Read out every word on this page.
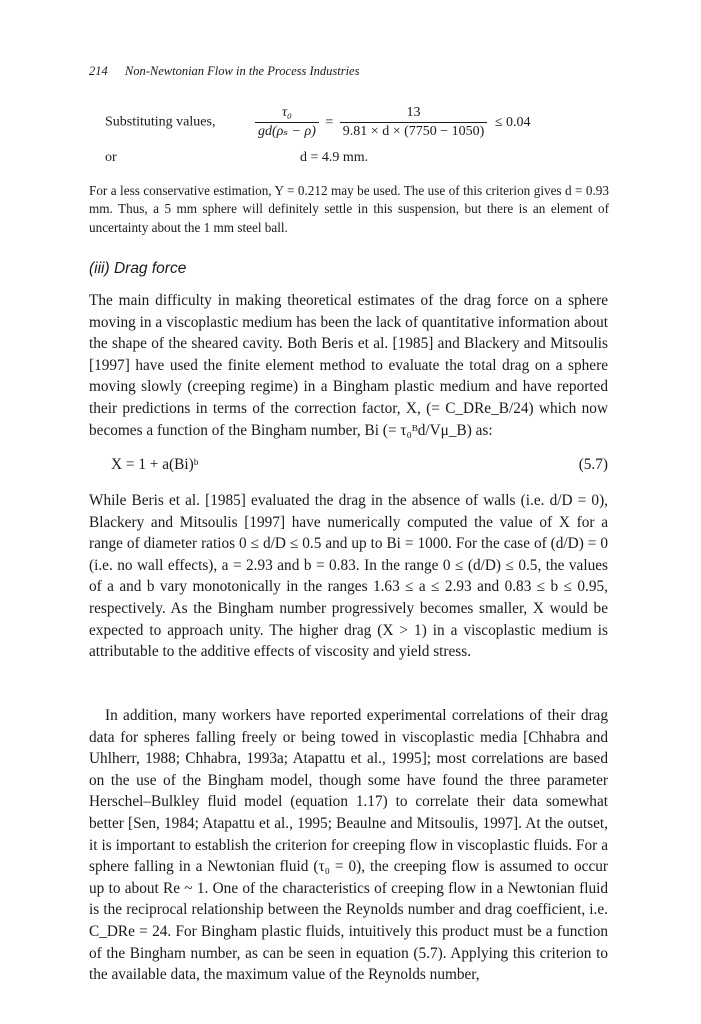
214 Non-Newtonian Flow in the Process Industries
Substituting values,	$\frac{\text{τ₀}}{\text{gd(ρₛ − ρ)}} = \frac{13}{9.81 \times d \times (7750 - 1050)} \le 0.04$
or	d = 4.9 mm.
For a less conservative estimation, Y = 0.212 may be used. The use of this criterion gives d = 0.93 mm. Thus, a 5 mm sphere will definitely settle in this suspension, but there is an element of uncertainty about the 1 mm steel ball.
(iii) Drag force
The main difficulty in making theoretical estimates of the drag force on a sphere moving in a viscoplastic medium has been the lack of quantitative information about the shape of the sheared cavity. Both Beris et al. [1985] and Blackery and Mitsoulis [1997] have used the finite element method to evaluate the total drag on a sphere moving slowly (creeping regime) in a Bingham plastic medium and have reported their predictions in terms of the correction factor, X, (= C_DRe_B/24) which now becomes a function of the Bingham number, Bi (= τ₀ᴮd/Vμ_B) as:
X = 1 + a(Bi)ᵇ	(5.7)
While Beris et al. [1985] evaluated the drag in the absence of walls (i.e. d/D = 0), Blackery and Mitsoulis [1997] have numerically computed the value of X for a range of diameter ratios 0 ≤ d/D ≤ 0.5 and up to Bi = 1000. For the case of (d/D) = 0 (i.e. no wall effects), a = 2.93 and b = 0.83. In the range 0 ≤ (d/D) ≤ 0.5, the values of a and b vary monotonically in the ranges 1.63 ≤ a ≤ 2.93 and 0.83 ≤ b ≤ 0.95, respectively. As the Bingham number progressively becomes smaller, X would be expected to approach unity. The higher drag (X > 1) in a viscoplastic medium is attributable to the additive effects of viscosity and yield stress.
In addition, many workers have reported experimental correlations of their drag data for spheres falling freely or being towed in viscoplastic media [Chhabra and Uhlherr, 1988; Chhabra, 1993a; Atapattu et al., 1995]; most correlations are based on the use of the Bingham model, though some have found the three parameter Herschel–Bulkley fluid model (equation 1.17) to correlate their data somewhat better [Sen, 1984; Atapattu et al., 1995; Beaulne and Mitsoulis, 1997]. At the outset, it is important to establish the criterion for creeping flow in viscoplastic fluids. For a sphere falling in a Newtonian fluid (τ₀ = 0), the creeping flow is assumed to occur up to about Re ~ 1. One of the characteristics of creeping flow in a Newtonian fluid is the reciprocal relationship between the Reynolds number and drag coefficient, i.e. C_DRe = 24. For Bingham plastic fluids, intuitively this product must be a function of the Bingham number, as can be seen in equation (5.7). Applying this criterion to the available data, the maximum value of the Reynolds number,
